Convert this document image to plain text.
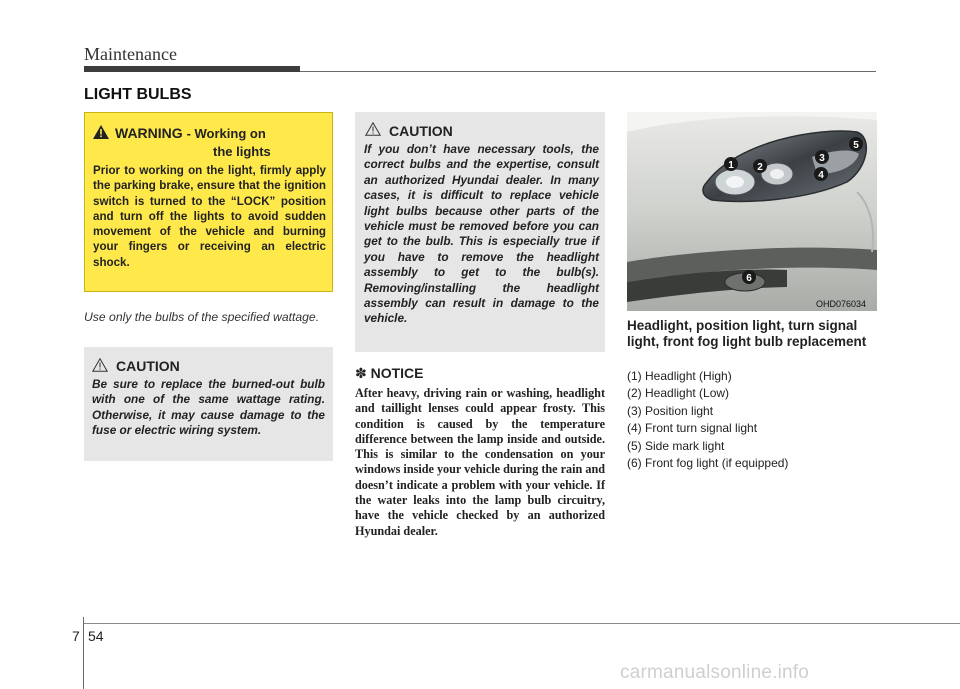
Maintenance
LIGHT BULBS
WARNING - Working on
the lights
Prior to working on the light, firmly apply the parking brake, ensure that the ignition switch is turned to the “LOCK” position and turn off the lights to avoid sudden movement of the vehicle and burning your fingers or receiving an electric shock.
Use only the bulbs of the specified wattage.
CAUTION
Be sure to replace the burned-out bulb with one of the same wattage rating. Otherwise, it may cause damage to the fuse or electric wiring system.
CAUTION
If you don’t have necessary tools, the correct bulbs and the expertise, consult an authorized Hyundai dealer. In many cases, it is difficult to replace vehicle light bulbs because other parts of the vehicle must be removed before you can get to the bulb. This is especially true if you have to remove the headlight assembly to get to the bulb(s). Removing/installing the headlight assembly can result in damage to the vehicle.
✽ NOTICE
After heavy, driving rain or washing, headlight and taillight lenses could appear frosty. This condition is caused by the temperature difference between the lamp inside and outside. This is similar to the condensation on your windows inside your vehicle during the rain and doesn’t indicate a problem with your vehicle. If the water leaks into the lamp bulb circuitry, have the vehicle checked by an authorized Hyundai dealer.
1 2
3
4
5
6
OHD076034
Headlight, position light, turn signal light, front fog light bulb replacement
(1) Headlight (High)
(2) Headlight (Low)
(3) Position light
(4) Front turn signal light
(5) Side mark light
(6) Front fog light (if equipped)
7 54
carmanualsonline.info
